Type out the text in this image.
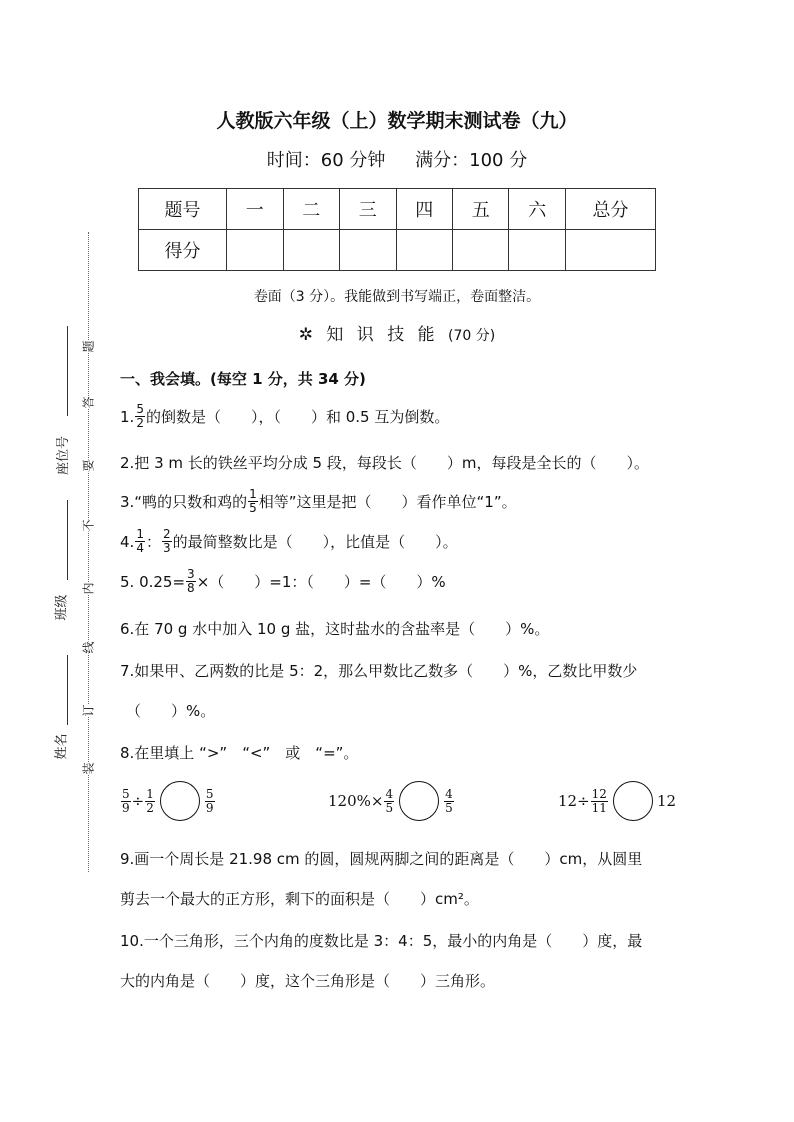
题
答
要
不
内
线
订
装
座位号
班级
姓名
人教版六年级（上）数学期末测试卷（九）
时间：60 分钟 满分：100 分
题号	一	二	三	四	五	六	总分
得分							
卷面（3 分）。我能做到书写端正，卷面整洁。
✲ 知 识 技 能 (70 分)
一、我会填。(每空 1 分，共 34 分)
1. $\frac{5}{2}$ 的倒数是（　　），（　　）和 0.5 互为倒数。
2.把 3 m 长的铁丝平均分成 5 段，每段长（　　）m，每段是全长的（　　）。
3.“鸭的只数和鸡的 $\frac{1}{5}$ 相等”这里是把（　　）看作单位“1”。
4. $\frac{1}{4}$ ： $\frac{2}{3}$ 的最简整数比是（　　），比值是（　　）。
5. $0.25= \frac{3}{8}$ ×（　　）=1：（　　）=（　　）%
6.在 70 g 水中加入 10 g 盐，这时盐水的含盐率是（　　）%。
7.如果甲、乙两数的比是 5：2，那么甲数比乙数多（　　）%，乙数比甲数少
（　　）%。
8.在里填上 “>”　“<”　或　“=”。
$\frac{5}{9} \div \frac{1}{2}$	$\frac{5}{9}$	$120\%\times \frac{4}{5}$	$\frac{4}{5}$	$12\div \frac{12}{11}$	12
9.画一个周长是 21.98 cm 的圆，圆规两脚之间的距离是（　　）cm，从圆里
剪去一个最大的正方形，剩下的面积是（　　）cm²。
10.一个三角形，三个内角的度数比是 3：4：5，最小的内角是（　　）度，最
大的内角是（　　）度，这个三角形是（　　）三角形。
